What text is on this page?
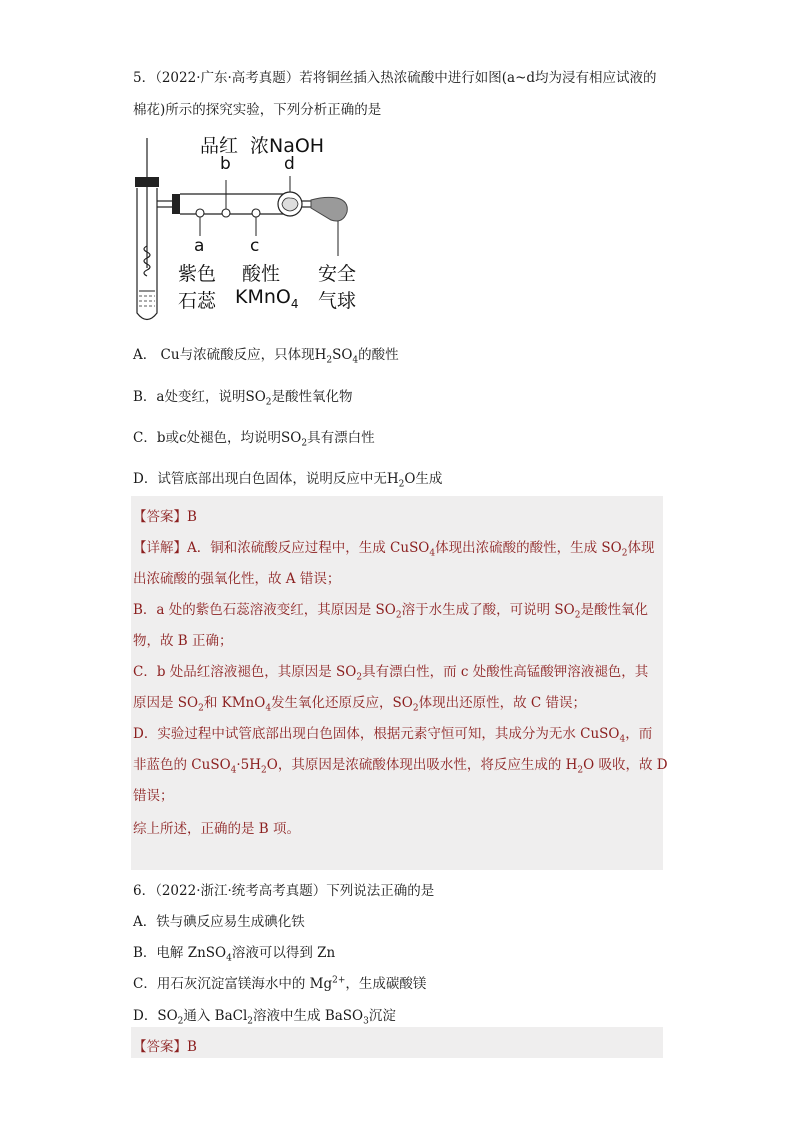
5．（2022·广东·高考真题）若将铜丝插入热浓硫酸中进行如图(a~d均为浸有相应试液的
棉花)所示的探究实验，下列分析正确的是
品红 浓NaOH
b	d
a	c
紫色
石蕊
酸性
KMnO$_4$
安全
气球
A． Cu与浓硫酸反应，只体现$H_2SO_4$的酸性
B．a处变红，说明$SO_2$是酸性氧化物
C．b或c处褪色，均说明$SO_2$具有漂白性
D．试管底部出现白色固体，说明反应中无$H_2O$生成
【答案】B
【详解】A．铜和浓硫酸反应过程中，生成 CuSO$_4$体现出浓硫酸的酸性，生成 $SO_2$体现
出浓硫酸的强氧化性，故 A 错误；
B．a 处的紫色石蕊溶液变红，其原因是 $SO_2$溶于水生成了酸，可说明 $SO_2$是酸性氧化
物，故 B 正确；
C．b 处品红溶液褪色，其原因是 $SO_2$具有漂白性，而 c 处酸性高锰酸钾溶液褪色，其
原因是 $SO_2$和 KMnO$_4$发生氧化还原反应，$SO_2$体现出还原性，故 C 错误；
D．实验过程中试管底部出现白色固体，根据元素守恒可知，其成分为无水 CuSO$_4$，而
非蓝色的 $CuSO_4\cdot 5H_2O$，其原因是浓硫酸体现出吸水性，将反应生成的 $H_2O$ 吸收，故 D
错误；
综上所述，正确的是 B 项。
6．（2022·浙江·统考高考真题）下列说法正确的是
A．铁与碘反应易生成碘化铁
B．电解 ZnSO$_4$溶液可以得到 Zn
C．用石灰沉淀富镁海水中的 $Mg^{2+}$，生成碳酸镁
D．$SO_2$通入 BaCl$_2$溶液中生成 BaSO$_3$沉淀
【答案】B
